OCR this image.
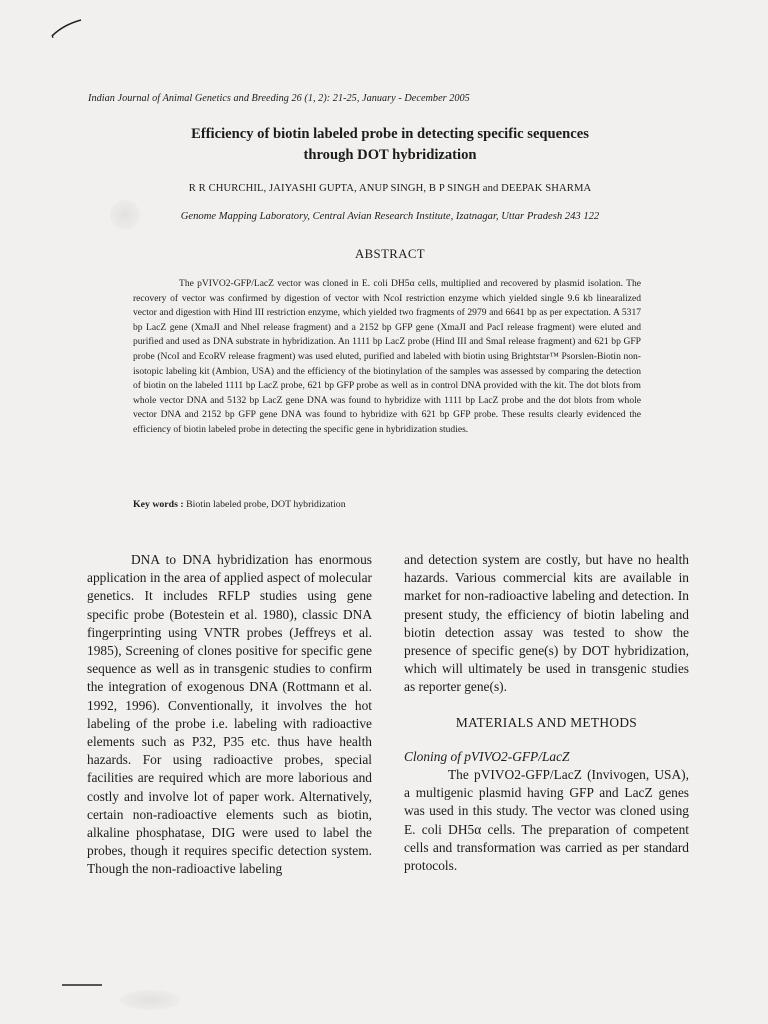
Indian Journal of Animal Genetics and Breeding 26 (1, 2): 21-25, January - December 2005
Efficiency of biotin labeled probe in detecting specific sequences
through DOT hybridization
R R CHURCHIL, JAIYASHI GUPTA, ANUP SINGH, B P SINGH and DEEPAK SHARMA
Genome Mapping Laboratory, Central Avian Research Institute, Izatnagar, Uttar Pradesh 243 122
ABSTRACT

The pVIVO2-GFP/LacZ vector was cloned in E. coli DH5α cells, multiplied and recovered by plasmid isolation. The recovery of vector was confirmed by digestion of vector with NcoI restriction enzyme which yielded single 9.6 kb linearalized vector and digestion with Hind III restriction enzyme, which yielded two fragments of 2979 and 6641 bp as per expectation. A 5317 bp LacZ gene (XmaJI and NheI release fragment) and a 2152 bp GFP gene (XmaJI and PacI release fragment) were eluted and purified and used as DNA substrate in hybridization. An 1111 bp LacZ probe (Hind III and SmaI release fragment) and 621 bp GFP probe (NcoI and EcoRV release fragment) was used eluted, purified and labeled with biotin using Brightstar™ Psorslen-Biotin non-isotopic labeling kit (Ambion, USA) and the efficiency of the biotinylation of the samples was assessed by comparing the detection of biotin on the labeled 1111 bp LacZ probe, 621 bp GFP probe as well as in control DNA provided with the kit. The dot blots from whole vector DNA and 5132 bp LacZ gene DNA was found to hybridize with 1111 bp LacZ probe and the dot blots from whole vector DNA and 2152 bp GFP gene DNA was found to hybridize with 621 bp GFP probe. These results clearly evidenced the efficiency of biotin labeled probe in detecting the specific gene in hybridization studies.

Key words : Biotin labeled probe, DOT hybridization

DNA to DNA hybridization has enormous application in the area of applied aspect of molecular genetics. It includes RFLP studies using gene specific probe (Botestein et al. 1980), classic DNA fingerprinting using VNTR probes (Jeffreys et al. 1985), Screening of clones positive for specific gene sequence as well as in transgenic studies to confirm the integration of exogenous DNA (Rottmann et al. 1992, 1996). Conventionally, it involves the hot labeling of the probe i.e. labeling with radioactive elements such as P32, P35 etc. thus have health hazards. For using radioactive probes, special facilities are required which are more laborious and costly and involve lot of paper work. Alternatively, certain non-radioactive elements such as biotin, alkaline phosphatase, DIG were used to label the probes, though it requires specific detection system. Though the non-radioactive labeling

and detection system are costly, but have no health hazards. Various commercial kits are available in market for non-radioactive labeling and detection. In present study, the efficiency of biotin labeling and biotin detection assay was tested to show the presence of specific gene(s) by DOT hybridization, which will ultimately be used in transgenic studies as reporter gene(s).

MATERIALS AND METHODS

Cloning of pVIVO2-GFP/LacZ

The pVIVO2-GFP/LacZ (Invivogen, USA), a multigenic plasmid having GFP and LacZ genes was used in this study. The vector was cloned using E. coli DH5α cells. The preparation of competent cells and transformation was carried as per standard protocols.
